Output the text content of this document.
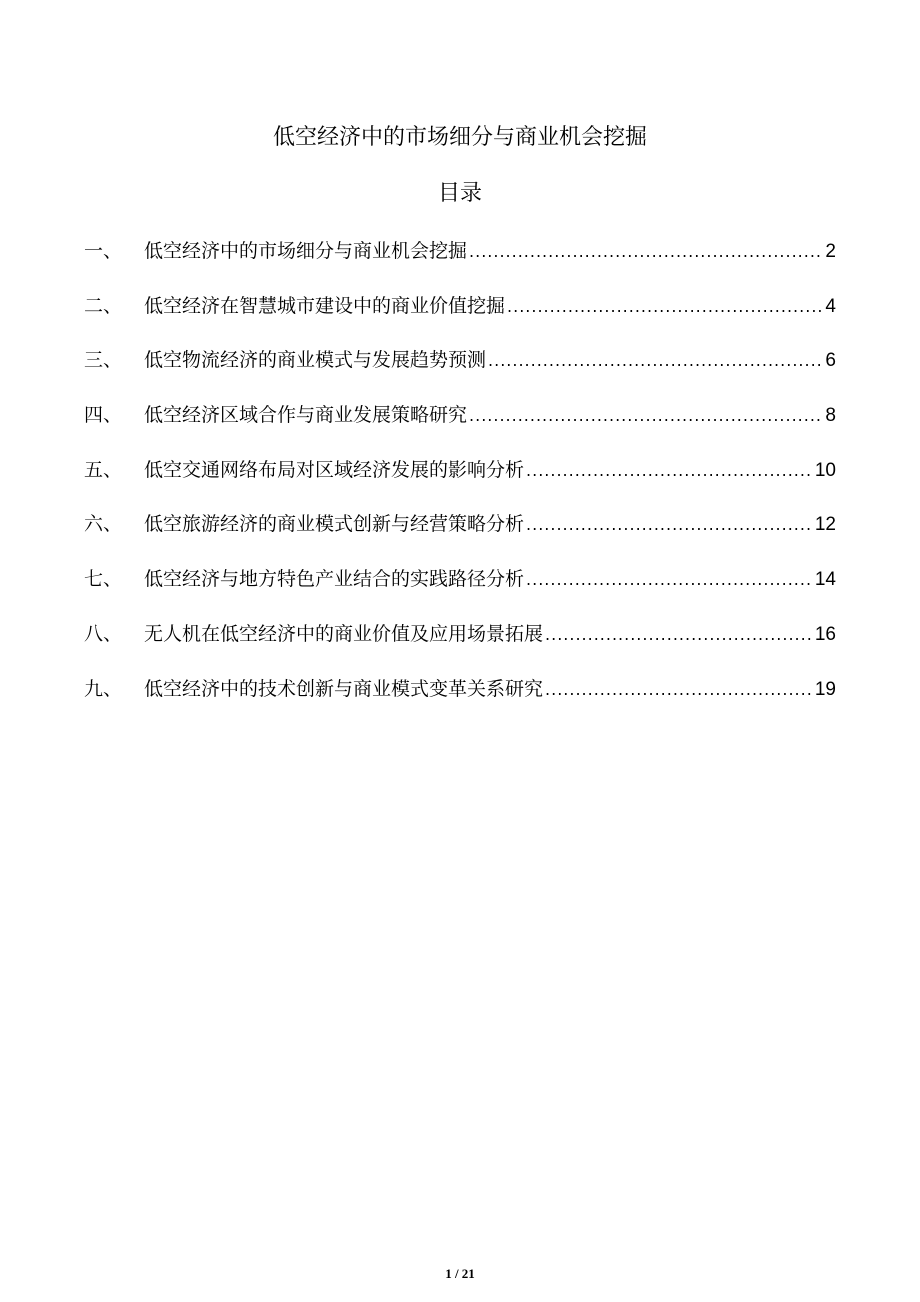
低空经济中的市场细分与商业机会挖掘
目录
一、	低空经济中的市场细分与商业机会挖掘 .....	2
二、	低空经济在智慧城市建设中的商业价值挖掘 .....	4
三、	低空物流经济的商业模式与发展趋势预测 .....	6
四、	低空经济区域合作与商业发展策略研究 .....	8
五、	低空交通网络布局对区域经济发展的影响分析 .....	10
六、	低空旅游经济的商业模式创新与经营策略分析 .....	12
七、	低空经济与地方特色产业结合的实践路径分析 .....	14
八、	无人机在低空经济中的商业价值及应用场景拓展 .....	16
九、	低空经济中的技术创新与商业模式变革关系研究 .....	19
1 / 21
